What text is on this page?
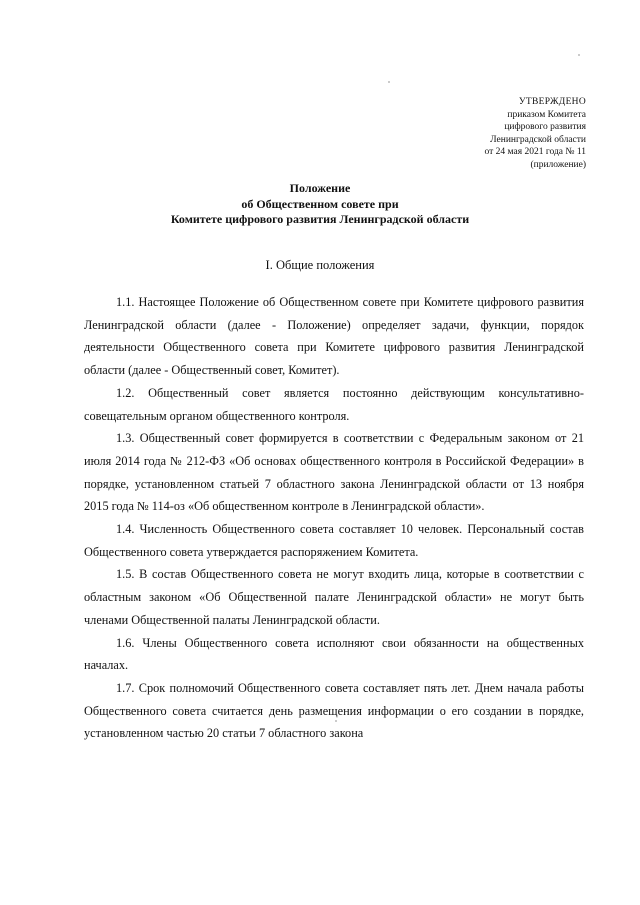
УТВЕРЖДЕНО
приказом Комитета
цифрового развития
Ленинградской области
от 24 мая 2021 года № 11
(приложение)
Положение
об Общественном совете при
Комитете цифрового развития Ленинградской области
I. Общие положения

1.1. Настоящее Положение об Общественном совете при Комитете цифрового развития Ленинградской области (далее - Положение) определяет задачи, функции, порядок деятельности Общественного совета при Комитете цифрового развития Ленинградской области (далее - Общественный совет, Комитет).

1.2. Общественный совет является постоянно действующим консультативно-совещательным органом общественного контроля.

1.3. Общественный совет формируется в соответствии с Федеральным законом от 21 июля 2014 года № 212-ФЗ «Об основах общественного контроля в Российской Федерации» в порядке, установленном статьей 7 областного закона Ленинградской области от 13 ноября 2015 года № 114-оз «Об общественном контроле в Ленинградской области».

1.4. Численность Общественного совета составляет 10 человек. Персональный состав Общественного совета утверждается распоряжением Комитета.

1.5. В состав Общественного совета не могут входить лица, которые в соответствии с областным законом «Об Общественной палате Ленинградской области» не могут быть членами Общественной палаты Ленинградской области.

1.6. Члены Общественного совета исполняют свои обязанности на общественных началах.

1.7. Срок полномочий Общественного совета составляет пять лет. Днем начала работы Общественного совета считается день размещения информации о его создании в порядке, установленном частью 20 статьи 7 областного закона
